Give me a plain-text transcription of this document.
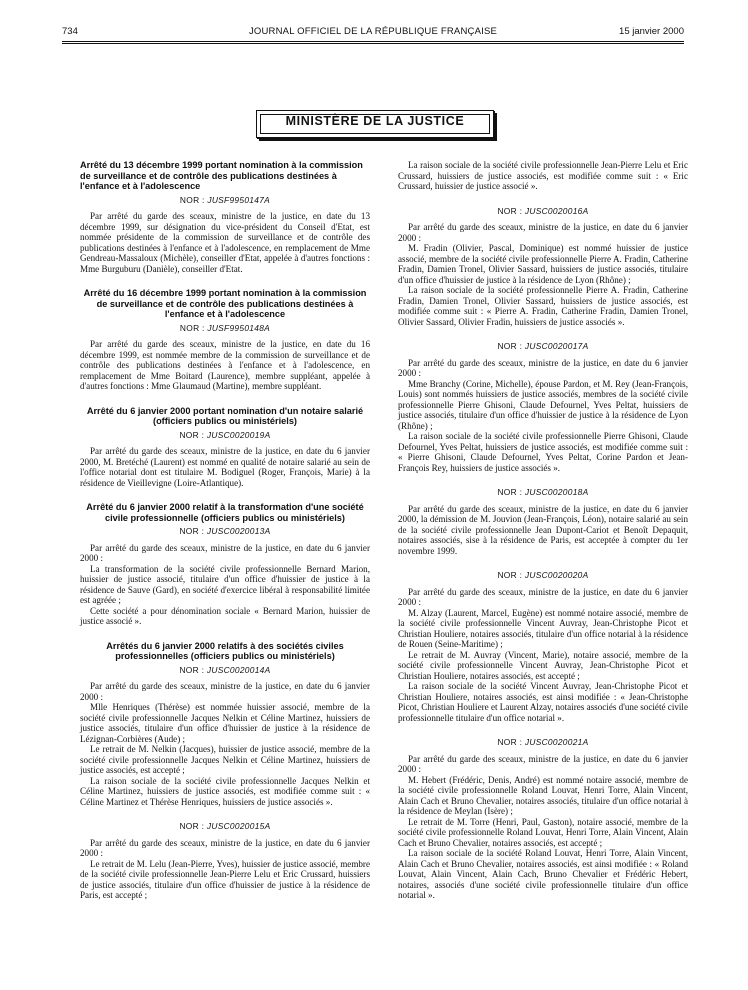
734	JOURNAL OFFICIEL DE LA RÉPUBLIQUE FRANÇAISE	15 janvier 2000
MINISTÈRE DE LA JUSTICE
Arrêté du 13 décembre 1999 portant nomination à la commission de surveillance et de contrôle des publications destinées à l'enfance et à l'adolescence
NOR : JUSF9950147A

Par arrêté du garde des sceaux, ministre de la justice, en date du 13 décembre 1999, sur désignation du vice-président du Conseil d'Etat, est nommée présidente de la commission de surveillance et de contrôle des publications destinées à l'enfance et à l'adolescence, en remplacement de Mme Gendreau-Massaloux (Michèle), conseiller d'Etat, appelée à d'autres fonctions : Mme Burguburu (Danièle), conseiller d'Etat.

Arrêté du 16 décembre 1999 portant nomination à la commission de surveillance et de contrôle des publications destinées à l'enfance et à l'adolescence
NOR : JUSF9950148A

Par arrêté du garde des sceaux, ministre de la justice, en date du 16 décembre 1999, est nommée membre de la commission de surveillance et de contrôle des publications destinées à l'enfance et à l'adolescence, en remplacement de Mme Boitard (Laurence), membre suppléant, appelée à d'autres fonctions : Mme Glaumaud (Martine), membre suppléant.

Arrêté du 6 janvier 2000 portant nomination d'un notaire salarié (officiers publics ou ministériels)
NOR : JUSC0020019A

Par arrêté du garde des sceaux, ministre de la justice, en date du 6 janvier 2000, M. Bretéché (Laurent) est nommé en qualité de notaire salarié au sein de l'office notarial dont est titulaire M. Bodiguel (Roger, François, Marie) à la résidence de Vieillevigne (Loire-Atlantique).

Arrêté du 6 janvier 2000 relatif à la transformation d'une société civile professionnelle (officiers publics ou ministériels)
NOR : JUSC0020013A

Par arrêté du garde des sceaux, ministre de la justice, en date du 6 janvier 2000 :

La transformation de la société civile professionnelle Bernard Marion, huissier de justice associé, titulaire d'un office d'huissier de justice à la résidence de Sauve (Gard), en société d'exercice libéral à responsabilité limitée est agréée ;

Cette société a pour dénomination sociale « Bernard Marion, huissier de justice associé ».

Arrêtés du 6 janvier 2000 relatifs à des sociétés civiles professionnelles (officiers publics ou ministériels)
NOR : JUSC0020014A

Par arrêté du garde des sceaux, ministre de la justice, en date du 6 janvier 2000 :

Mlle Henriques (Thérèse) est nommée huissier associé, membre de la société civile professionnelle Jacques Nelkin et Céline Martinez, huissiers de justice associés, titulaire d'un office d'huissier de justice à la résidence de Lézignan-Corbières (Aude) ;

Le retrait de M. Nelkin (Jacques), huissier de justice associé, membre de la société civile professionnelle Jacques Nelkin et Céline Martinez, huissiers de justice associés, est accepté ;

La raison sociale de la société civile professionnelle Jacques Nelkin et Céline Martinez, huissiers de justice associés, est modifiée comme suit : « Céline Martinez et Thérèse Henriques, huissiers de justice associés ».

NOR : JUSC0020015A

Par arrêté du garde des sceaux, ministre de la justice, en date du 6 janvier 2000 :

Le retrait de M. Lelu (Jean-Pierre, Yves), huissier de justice associé, membre de la société civile professionnelle Jean-Pierre Lelu et Eric Crussard, huissiers de justice associés, titulaire d'un office d'huissier de justice à la résidence de Paris, est accepté ;

La raison sociale de la société civile professionnelle Jean-Pierre Lelu et Eric Crussard, huissiers de justice associés, est modifiée comme suit : « Eric Crussard, huissier de justice associé ».

NOR : JUSC0020016A

Par arrêté du garde des sceaux, ministre de la justice, en date du 6 janvier 2000 :

M. Fradin (Olivier, Pascal, Dominique) est nommé huissier de justice associé, membre de la société civile professionnelle Pierre A. Fradin, Catherine Fradin, Damien Tronel, Olivier Sassard, huissiers de justice associés, titulaire d'un office d'huissier de justice à la résidence de Lyon (Rhône) ;

La raison sociale de la société professionnelle Pierre A. Fradin, Catherine Fradin, Damien Tronel, Olivier Sassard, huissiers de justice associés, est modifiée comme suit : « Pierre A. Fradin, Catherine Fradin, Damien Tronel, Olivier Sassard, Olivier Fradin, huissiers de justice associés ».

NOR : JUSC0020017A

Par arrêté du garde des sceaux, ministre de la justice, en date du 6 janvier 2000 :

Mme Branchy (Corine, Michelle), épouse Pardon, et M. Rey (Jean-François, Louis) sont nommés huissiers de justice associés, membres de la société civile professionnelle Pierre Ghisoni, Claude Defournel, Yves Peltat, huissiers de justice associés, titulaire d'un office d'huissier de justice à la résidence de Lyon (Rhône) ;

La raison sociale de la société civile professionnelle Pierre Ghisoni, Claude Defournel, Yves Peltat, huissiers de justice associés, est modifiée comme suit : « Pierre Ghisoni, Claude Defournel, Yves Peltat, Corine Pardon et Jean-François Rey, huissiers de justice associés ».

NOR : JUSC0020018A

Par arrêté du garde des sceaux, ministre de la justice, en date du 6 janvier 2000, la démission de M. Jouvion (Jean-François, Léon), notaire salarié au sein de la société civile professionnelle Jean Dupont-Cariot et Benoît Depaquit, notaires associés, sise à la résidence de Paris, est acceptée à compter du 1er novembre 1999.

NOR : JUSC0020020A

Par arrêté du garde des sceaux, ministre de la justice, en date du 6 janvier 2000 :

M. Alzay (Laurent, Marcel, Eugène) est nommé notaire associé, membre de la société civile professionnelle Vincent Auvray, Jean-Christophe Picot et Christian Houliere, notaires associés, titulaire d'un office notarial à la résidence de Rouen (Seine-Maritime) ;

Le retrait de M. Auvray (Vincent, Marie), notaire associé, membre de la société civile professionnelle Vincent Auvray, Jean-Christophe Picot et Christian Houliere, notaires associés, est accepté ;

La raison sociale de la société Vincent Auvray, Jean-Christophe Picot et Christian Houliere, notaires associés, est ainsi modifiée : « Jean-Christophe Picot, Christian Houliere et Laurent Alzay, notaires associés d'une société civile professionnelle titulaire d'un office notarial ».

NOR : JUSC0020021A

Par arrêté du garde des sceaux, ministre de la justice, en date du 6 janvier 2000 :

M. Hebert (Frédéric, Denis, André) est nommé notaire associé, membre de la société civile professionnelle Roland Louvat, Henri Torre, Alain Vincent, Alain Cach et Bruno Chevalier, notaires associés, titulaire d'un office notarial à la résidence de Meylan (Isère) ;

Le retrait de M. Torre (Henri, Paul, Gaston), notaire associé, membre de la société civile professionnelle Roland Louvat, Henri Torre, Alain Vincent, Alain Cach et Bruno Chevalier, notaires associés, est accepté ;

La raison sociale de la société Roland Louvat, Henri Torre, Alain Vincent, Alain Cach et Bruno Chevalier, notaires associés, est ainsi modifiée : « Roland Louvat, Alain Vincent, Alain Cach, Bruno Chevalier et Frédéric Hebert, notaires, associés d'une société civile professionnelle titulaire d'un office notarial ».
